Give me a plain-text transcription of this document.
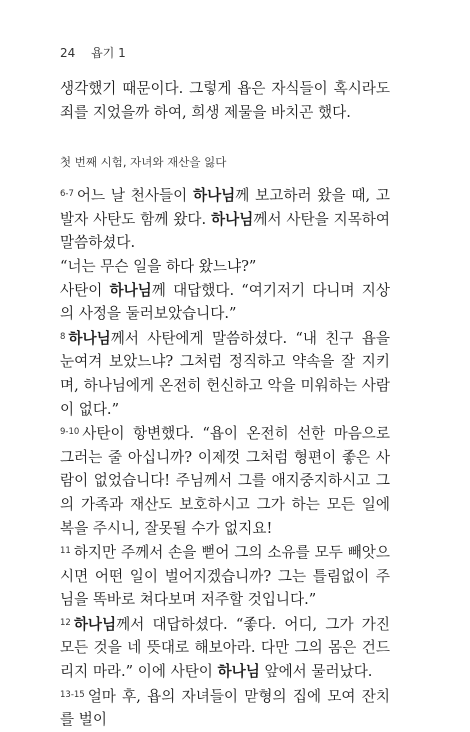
24 욥기 1

생각했기 때문이다. 그렇게 욥은 자식들이 혹시라도 죄를 지었을까 하여, 희생 제물을 바치곤 했다.

첫 번째 시험, 자녀와 재산을 잃다

$^{6-7}$ 어느 날 천사들이 하나님께 보고하러 왔을 때, 고발자 사탄도 함께 왔다. 하나님께서 사탄을 지목하여 말씀하셨다.

“너는 무슨 일을 하다 왔느냐?”

사탄이 하나님께 대답했다. “여기저기 다니며 지상의 사정을 둘러보았습니다.”

$^8$ 하나님께서 사탄에게 말씀하셨다. “내 친구 욥을 눈여겨 보았느냐? 그처럼 정직하고 약속을 잘 지키며, 하나님에게 온전히 헌신하고 악을 미워하는 사람이 없다.”

$^{9-10}$ 사탄이 항변했다. “욥이 온전히 선한 마음으로 그러는 줄 아십니까? 이제껏 그처럼 형편이 좋은 사람이 없었습니다! 주님께서 그를 애지중지하시고 그의 가족과 재산도 보호하시고 그가 하는 모든 일에 복을 주시니, 잘못될 수가 없지요!

$^{11}$ 하지만 주께서 손을 뻗어 그의 소유를 모두 빼앗으시면 어떤 일이 벌어지겠습니까? 그는 틀림없이 주님을 똑바로 쳐다보며 저주할 것입니다.”

$^{12}$ 하나님께서 대답하셨다. “좋다. 어디, 그가 가진 모든 것을 네 뜻대로 해보아라. 다만 그의 몸은 건드리지 마라.” 이에 사탄이 하나님 앞에서 물러났다.

$^{13-15}$ 얼마 후, 욥의 자녀들이 맏형의 집에 모여 잔치를 벌이
